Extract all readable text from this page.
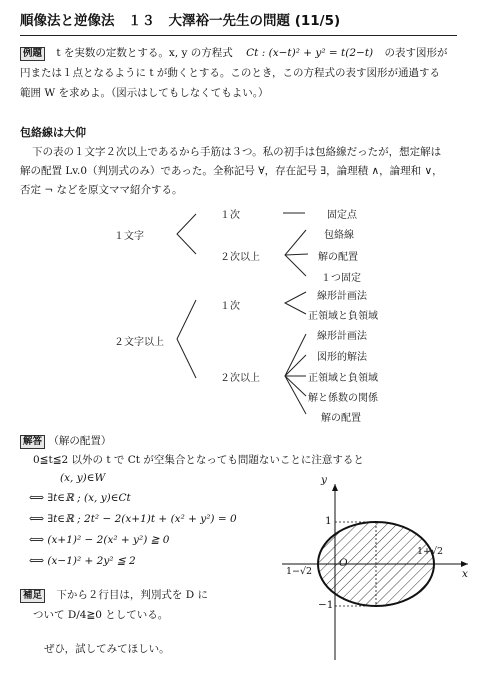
順像法と逆像法　１３　大澤裕一先生の問題 (11/5)
例題 t を実数の定数とする。x, y の方程式 Ct : (x−t)² + y² = t(2−t) の表す図形が
円または１点となるように t が動くとする。このとき，この方程式の表す図形が通過する
範囲 W を求めよ。（図示はしてもしなくてもよい。）
包絡線は大仰
下の表の１文字２次以上であるから手筋は３つ。私の初手は包絡線だったが，想定解は
解の配置 Lv.0（判別式のみ）であった。全称記号 ∀，存在記号 ∃，論理積 ∧，論理和 ∨，
否定 ¬ などを原文ママ紹介する。
１文字
１次	固定点
２次以上
包絡線
解の配置
１つ固定
２文字以上
１次
線形計画法
正領域と負領域
２次以上
線形計画法
図形的解法
正領域と負領域
解と係数の関係
解の配置
解答 （解の配置）
0≦t≦2 以外の t で Ct が空集合となっても問題ないことに注意すると
(x, y)∈W
⟺ ∃t∈ℝ ; (x, y)∈Ct
⟺ ∃t∈ℝ ; 2t² − 2(x+1)t + (x² + y²) = 0
⟺ (x+1)² − 2(x² + y²) ≧ 0
⟺ (x−1)² + 2y² ≦ 2
補足 下から２行目は，判別式を D に
ついて D/4≧0 としている。
ぜひ，試してみてほしい。
y
x
O
1
−1
1−√2
1+√2
